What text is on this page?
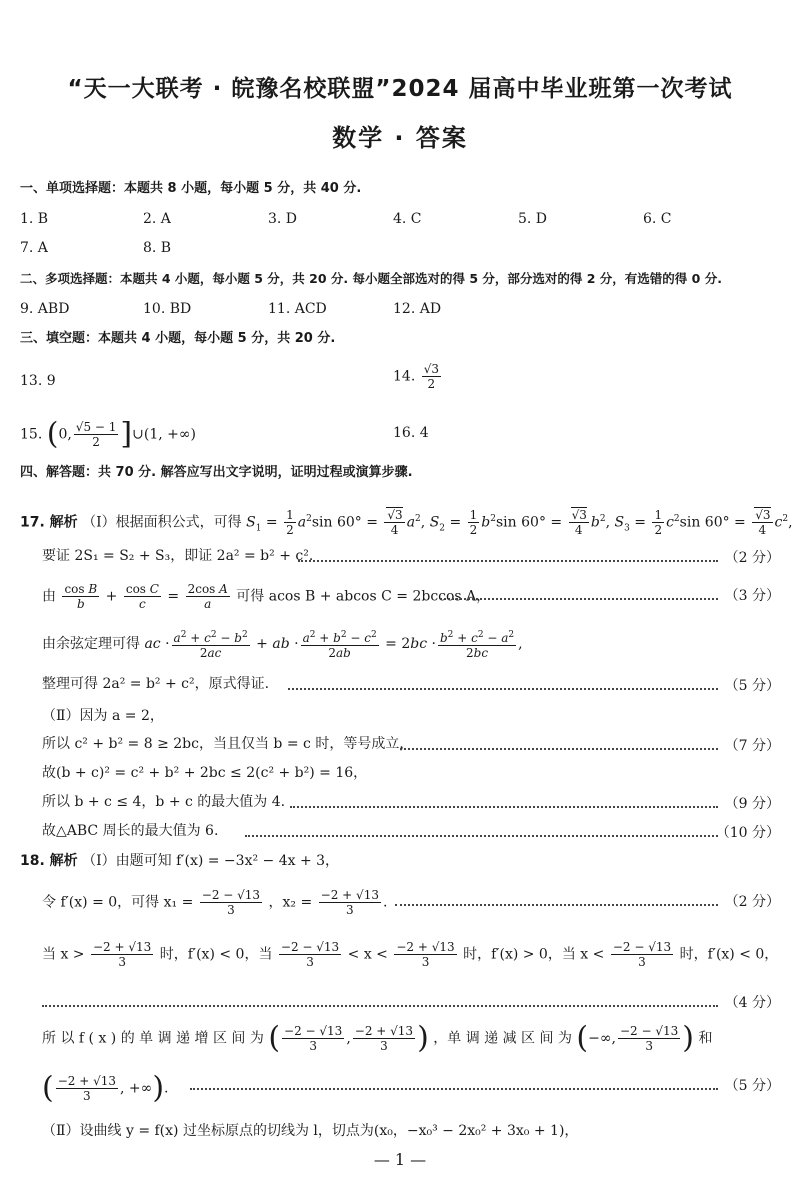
“天一大联考 · 皖豫名校联盟”2024 届高中毕业班第一次考试
数学 · 答案
一、单项选择题：本题共 8 小题，每小题 5 分，共 40 分.
1. B	2. A	3. D	4. C	5. D	6. C
7. A	8. B
二、多项选择题：本题共 4 小题，每小题 5 分，共 20 分. 每小题全部选对的得 5 分，部分选对的得 2 分，有选错的得 0 分.
9. ABD	10. BD	11. ACD	12. AD
三、填空题：本题共 4 小题，每小题 5 分，共 20 分.
13. 9	14. $\frac{√3}{2}$
15. (0, $\frac{√5 - 1}{2}$ ]∪(1, +∞)	16. 4
四、解答题：共 70 分. 解答应写出文字说明，证明过程或演算步骤.
17. 解析 （Ⅰ）根据面积公式，可得 $S_1 = \frac{1}{2} a^2\sin$ $60^\circ = \frac{√3}{4} a^2$, $S_2 = \frac{1}{2} b^2\sin$ $60^\circ = \frac{√3}{4} b^2$, $S_3 = \frac{1}{2} c^2\sin$ $60^\circ = \frac{√3}{4} c^2$,
要证 2S₁ = S₂ + S₃，即证 2a² = b² + c².	（2 分）
由 $\frac{\text{cos B}}{b} + \frac{\text{cos C}}{c} = \frac{\text{2cos A}}{a}$ 可得 acos B + abcos C = 2bccos A，	（3 分）
由余弦定理可得 ac · $\frac{a^2 + c^2 - b^2}{2ac}$ + ab · $\frac{a^2 + b^2 - c^2}{2ab} = 2bc \cdot \frac{b^2 + c^2 - a^2}{2bc}$ ,
整理可得 2a² = b² + c²，原式得证.	（5 分）
（Ⅱ）因为 a = 2，
所以 c² + b² = 8 ≥ 2bc，当且仅当 b = c 时，等号成立，	（7 分）
故(b + c)² = c² + b² + 2bc ≤ 2(c² + b²) = 16，
所以 b + c ≤ 4，b + c 的最大值为 4.	（9 分）
故△ABC 周长的最大值为 6.	（10 分）
18. 解析 （Ⅰ）由题可知 f′(x) = −3x² − 4x + 3，
令 f′(x) = 0，可得 $x_1 = \frac{-2 - √13}{3}$ ，$x_2 = \frac{-2 + √13}{3}$ .	（2 分）
当 $x > \frac{-2 + √13}{3}$ 时，f′(x) < 0，当 $\frac{-2 - √13}{3} < x < \frac{-2 + √13}{3}$ 时，f′(x) > 0，当 $x < \frac{-2 - √13}{3}$ 时，f′(x) < 0，
（4 分）
所 以 f ( x ) 的 单 调 递 增 区 间 为 ( $\frac{-2 - √13}{3}$ , $\frac{-2 + √13}{3}$ ) ，单 调 递 减 区 间 为 (−∞, $\frac{-2 - √13}{3}$ ) 和
( $\frac{-2 + √13}{3}$ , +∞).	（5 分）
（Ⅱ）设曲线 y = f(x) 过坐标原点的切线为 l，切点为(x₀，−x₀³ − 2x₀² + 3x₀ + 1)，
— 1 —
